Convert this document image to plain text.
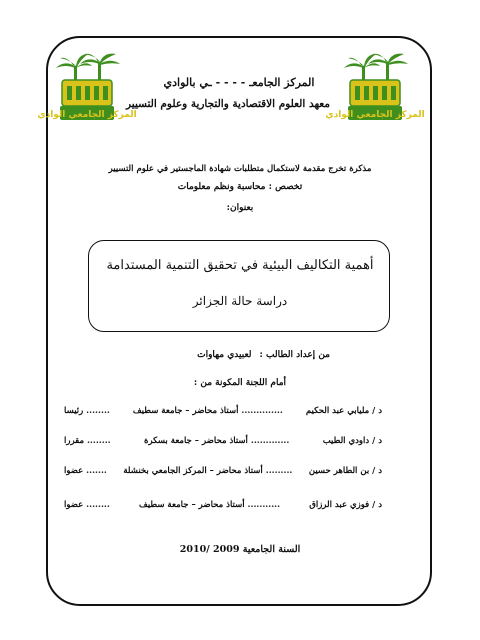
المركز الجامعي الوادي	المركز الجامعي الوادي
المركز الجامعـ - - - - ـي بالوادي
معهد العلوم الاقتصادية والتجارية وعلوم التسيير
مذكرة تخرج مقدمة لاستكمال متطلبات شهادة الماجستير في علوم التسيير
تخصص : محاسبة ونظم معلومات
بعنوان:
أهمية التكاليف البيئية في تحقيق التنمية المستدامة
دراسة حالة الجزائر
من إعداد الطالب :
لعبيدي مهاوات
أمام اللجنة المكونة من :
د / مليابي عبد الحكيم
.............. أستاذ محاضر – جامعة سطيف
........ رئيسا
د / داودي الطيب
............. أستاذ محاضر – جامعة بسكرة
........ مقررا
د / بن الطاهر حسين
......... أستاذ محاضر – المركز الجامعي بخنشلة
....... عضوا
د / فوزي عبد الرزاق
........... أستاذ محاضر – جامعة سطيف
........ عضوا
السنة الجامعية 2009 /2010
